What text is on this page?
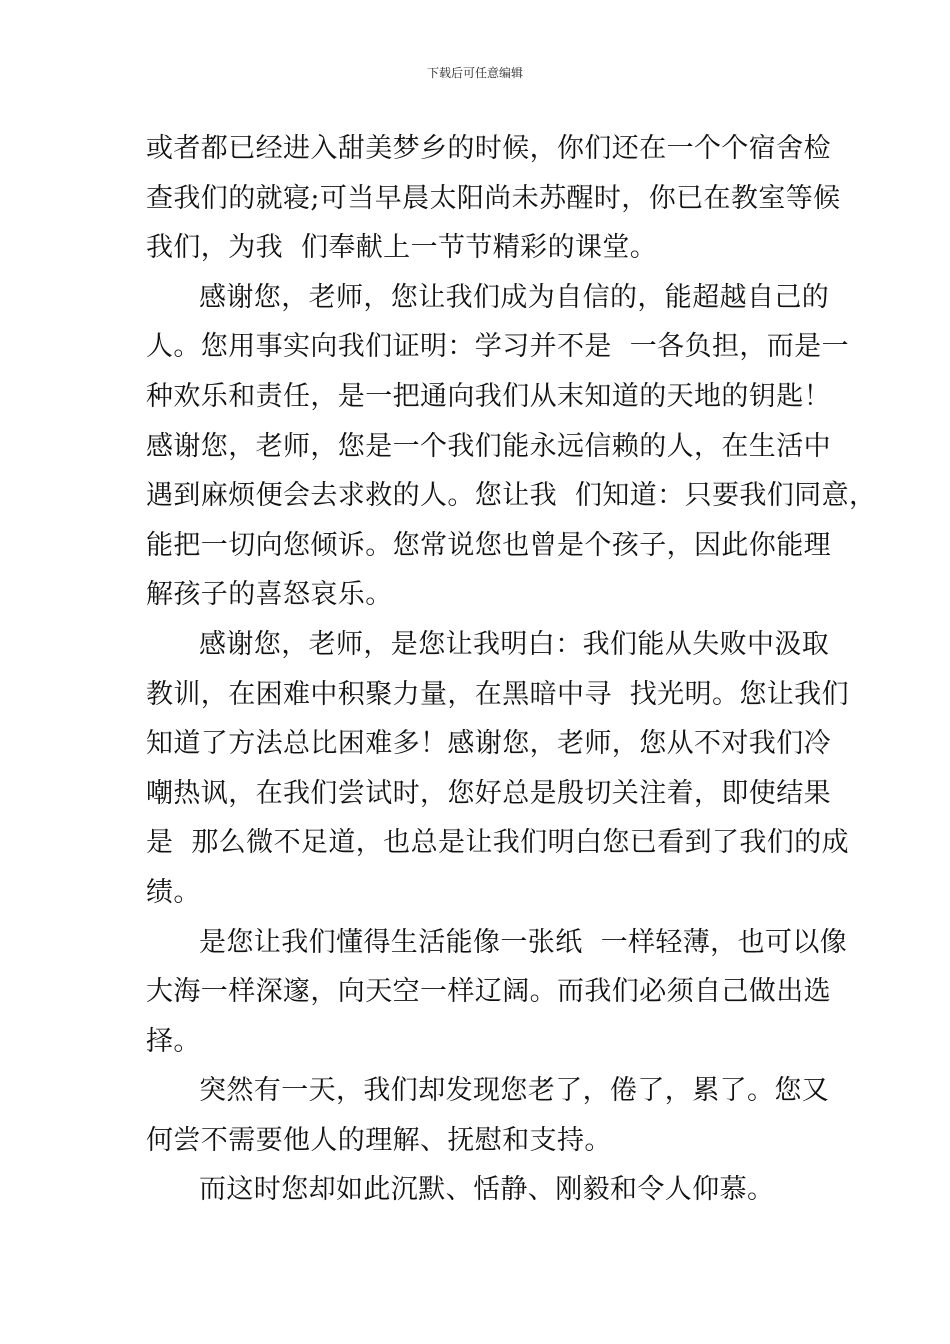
下载后可任意编辑
或者都已经进入甜美梦乡的时候，你们还在一个个宿舍检
查我们的就寝;可当早晨太阳尚未苏醒时，你已在教室等候
我们，为我  们奉献上一节节精彩的课堂。
感谢您，老师，您让我们成为自信的，能超越自己的
人。您用事实向我们证明：学习并不是  一各负担，而是一
种欢乐和责任，是一把通向我们从末知道的天地的钥匙！
感谢您，老师，您是一个我们能永远信赖的人，在生活中
遇到麻烦便会去求救的人。您让我  们知道：只要我们同意，
能把一切向您倾诉。您常说您也曾是个孩子，因此你能理
解孩子的喜怒哀乐。
感谢您，老师，是您让我明白：我们能从失败中汲取
教训，在困难中积聚力量，在黑暗中寻  找光明。您让我们
知道了方法总比困难多！感谢您，老师，您从不对我们冷
嘲热讽，在我们尝试时，您好总是殷切关注着，即使结果
是  那么微不足道，也总是让我们明白您已看到了我们的成
绩。
是您让我们懂得生活能像一张纸  一样轻薄，也可以像
大海一样深邃，向天空一样辽阔。而我们必须自己做出选
择。
突然有一天，我们却发现您老了，倦了，累了。您又
何尝不需要他人的理解、抚慰和支持。
而这时您却如此沉默、恬静、刚毅和令人仰慕。
